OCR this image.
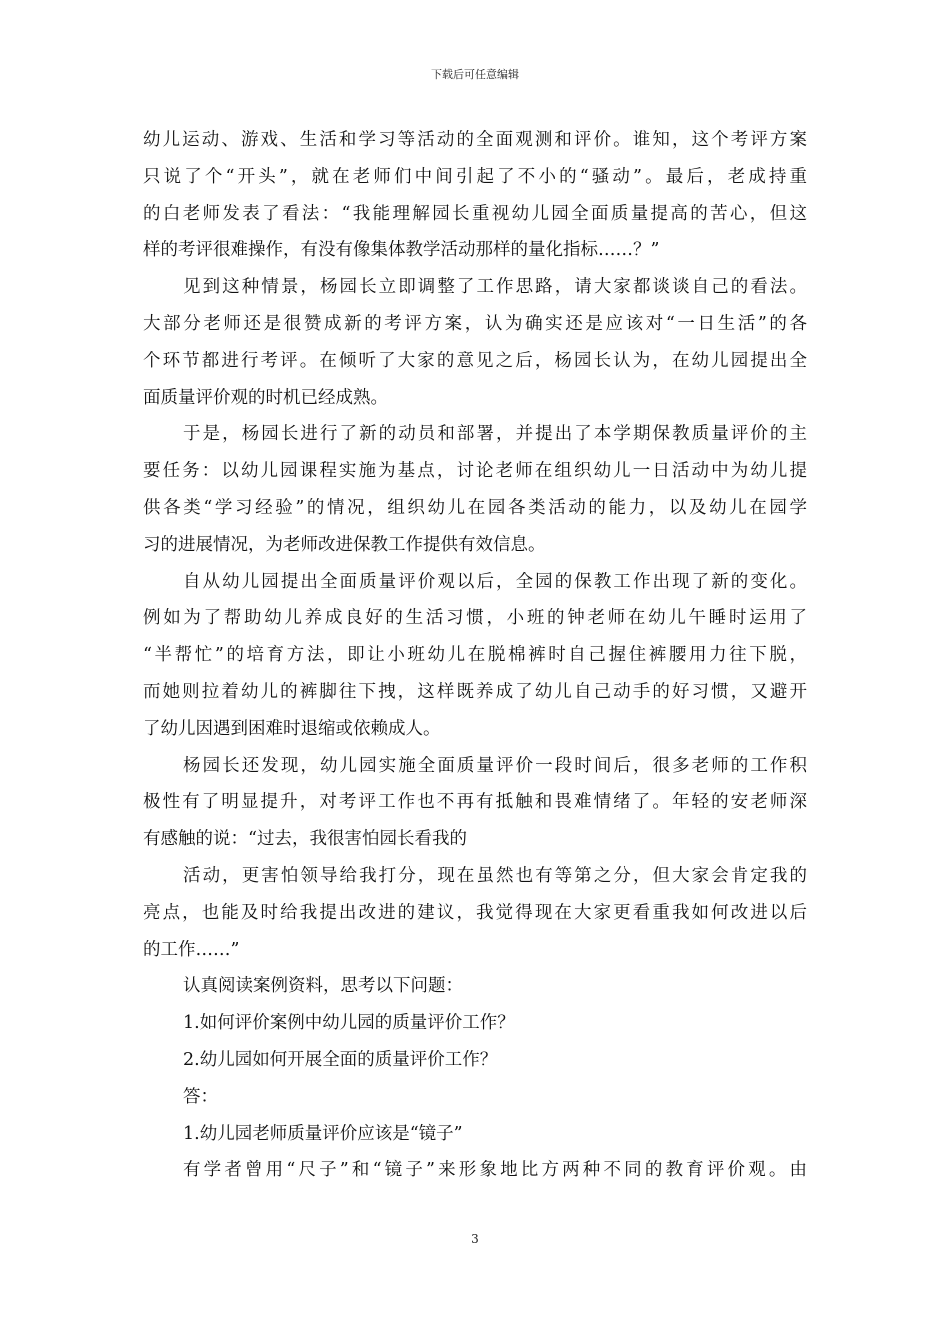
下载后可任意编辑
幼儿运动、游戏、生活和学习等活动的全面观测和评价。谁知，这个考评方案
只说了个“开头”，就在老师们中间引起了不小的“骚动”。最后，老成持重
的白老师发表了看法：“我能理解园长重视幼儿园全面质量提高的苦心，但这
样的考评很难操作，有没有像集体教学活动那样的量化指标……？”
见到这种情景，杨园长立即调整了工作思路，请大家都谈谈自己的看法。
大部分老师还是很赞成新的考评方案，认为确实还是应该对“一日生活”的各
个环节都进行考评。在倾听了大家的意见之后，杨园长认为，在幼儿园提出全
面质量评价观的时机已经成熟。
于是，杨园长进行了新的动员和部署，并提出了本学期保教质量评价的主
要任务：以幼儿园课程实施为基点，讨论老师在组织幼儿一日活动中为幼儿提
供各类“学习经验”的情况，组织幼儿在园各类活动的能力，以及幼儿在园学
习的进展情况，为老师改进保教工作提供有效信息。
自从幼儿园提出全面质量评价观以后，全园的保教工作出现了新的变化。
例如为了帮助幼儿养成良好的生活习惯，小班的钟老师在幼儿午睡时运用了
“半帮忙”的培育方法，即让小班幼儿在脱棉裤时自己握住裤腰用力往下脱，
而她则拉着幼儿的裤脚往下拽，这样既养成了幼儿自己动手的好习惯，又避开
了幼儿因遇到困难时退缩或依赖成人。
杨园长还发现，幼儿园实施全面质量评价一段时间后，很多老师的工作积
极性有了明显提升，对考评工作也不再有抵触和畏难情绪了。年轻的安老师深
有感触的说：“过去，我很害怕园长看我的
活动，更害怕领导给我打分，现在虽然也有等第之分，但大家会肯定我的
亮点，也能及时给我提出改进的建议，我觉得现在大家更看重我如何改进以后
的工作……”
认真阅读案例资料，思考以下问题：
1.如何评价案例中幼儿园的质量评价工作？
2.幼儿园如何开展全面的质量评价工作？
答：
1.幼儿园老师质量评价应该是“镜子”
有学者曾用“尺子”和“镜子”来形象地比方两种不同的教育评价观。由
3
